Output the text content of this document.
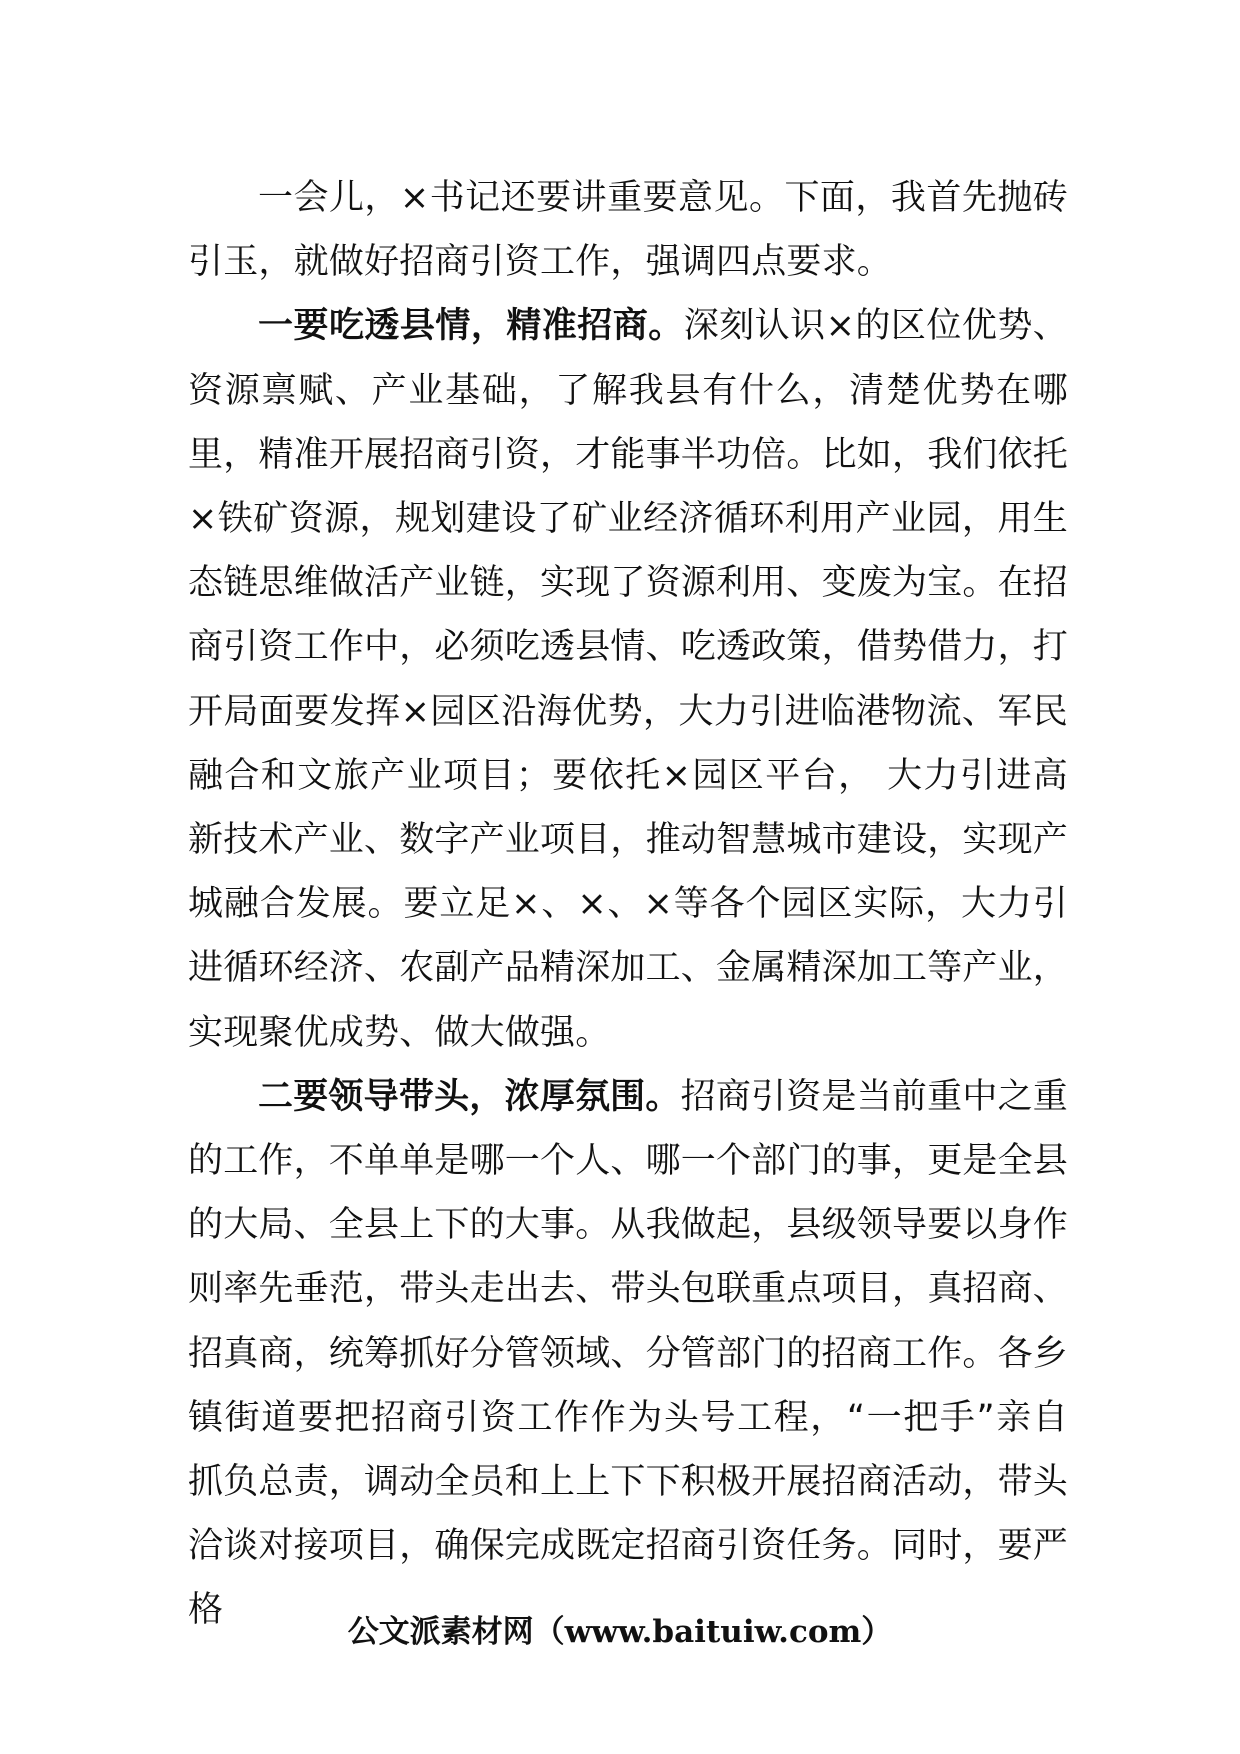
一会儿，×书记还要讲重要意见。下面，我首先抛砖引玉，就做好招商引资工作，强调四点要求。

一要吃透县情，精准招商。深刻认识×的区位优势、资源禀赋、产业基础，了解我县有什么，清楚优势在哪里，精准开展招商引资，才能事半功倍。比如，我们依托×铁矿资源，规划建设了矿业经济循环利用产业园，用生态链思维做活产业链，实现了资源利用、变废为宝。在招商引资工作中，必须吃透县情、吃透政策，借势借力，打开局面要发挥×园区沿海优势，大力引进临港物流、军民融合和文旅产业项目；要依托×园区平台， 大力引进高新技术产业、数字产业项目，推动智慧城市建设，实现产城融合发展。要立足×、×、×等各个园区实际，大力引进循环经济、农副产品精深加工、金属精深加工等产业，实现聚优成势、做大做强。

二要领导带头，浓厚氛围。招商引资是当前重中之重的工作，不单单是哪一个人、哪一个部门的事，更是全县的大局、全县上下的大事。从我做起，县级领导要以身作则率先垂范，带头走出去、带头包联重点项目，真招商、招真商，统筹抓好分管领域、分管部门的招商工作。各乡镇街道要把招商引资工作作为头号工程，“一把手”亲自抓负总责，调动全员和上上下下积极开展招商活动，带头洽谈对接项目，确保完成既定招商引资任务。同时，要严格

公文派素材网（www.baituiw.com）
